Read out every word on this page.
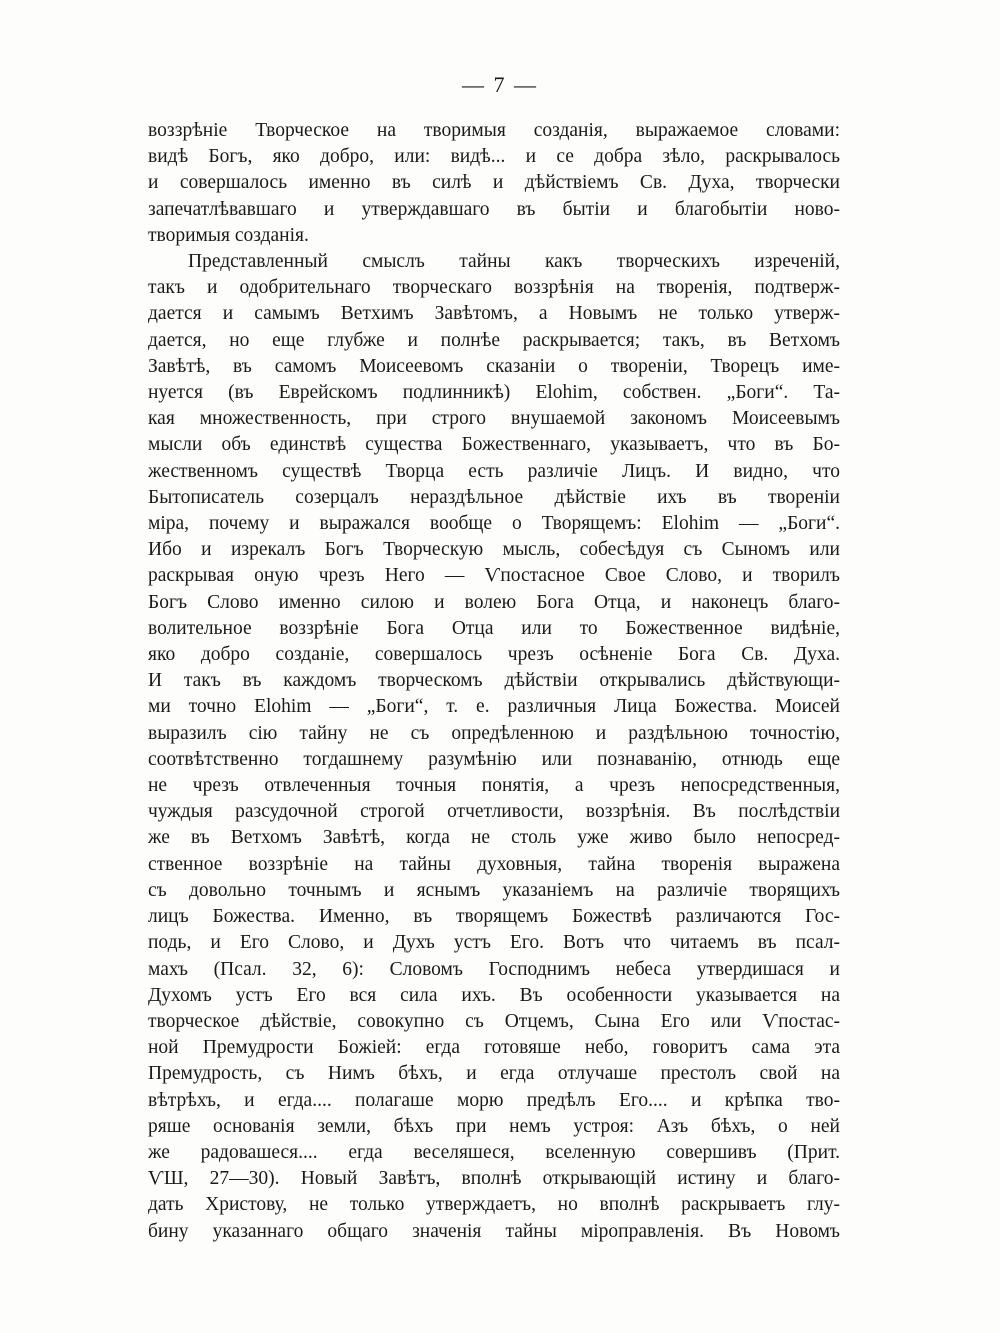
— 7 —
воззрѣніе Творческое на творимыя созданія, выражаемое словами:
видѣ Богъ, яко добро, или: видѣ... и се добра зѣло, раскрывалось
и совершалось именно въ силѣ и дѣйствіемъ Св. Духа, творчески
запечатлѣвавшаго и утверждавшаго въ бытіи и благобытіи ново-
творимыя созданія.
Представленный смыслъ тайны какъ творческихъ изреченій,
такъ и одобрительнаго творческаго воззрѣнія на творенія, подтверж-
дается и самымъ Ветхимъ Завѣтомъ, а Новымъ не только утверж-
дается, но еще глубже и полнѣе раскрывается; такъ, въ Ветхомъ
Завѣтѣ, въ самомъ Моисеевомъ сказаніи о твореніи, Творецъ име-
нуется (въ Еврейскомъ подлинникѣ) Elohim, собствен. „Боги“. Та-
кая множественность, при строго внушаемой закономъ Моисеевымъ
мысли объ единствѣ существа Божественнаго, указываетъ, что въ Бо-
жественномъ существѣ Творца есть различіе Лицъ. И видно, что
Бытописатель созерцалъ нераздѣльное дѣйствіе ихъ въ твореніи
міра, почему и выражался вообще о Творящемъ: Elohim — „Боги“.
Ибо и изрекалъ Богъ Творческую мысль, собесѣдуя съ Сыномъ или
раскрывая оную чрезъ Него — Ѵпостасное Свое Слово, и творилъ
Богъ Слово именно силою и волею Бога Отца, и наконецъ благо-
волительное воззрѣніе Бога Отца или то Божественное видѣніе,
яко добро созданіе, совершалось чрезъ осѣненіе Бога Св. Духа.
И такъ въ каждомъ творческомъ дѣйствіи открывались дѣйствующи-
ми точно Elohim — „Боги“, т. е. различныя Лица Божества. Моисей
выразилъ сію тайну не съ опредѣленною и раздѣльною точностію,
соотвѣтственно тогдашнему разумѣнію или познаванію, отнюдь еще
не чрезъ отвлеченныя точныя понятія, а чрезъ непосредственныя,
чуждыя разсудочной строгой отчетливости, воззрѣнія. Въ послѣдствіи
же въ Ветхомъ Завѣтѣ, когда не столь уже живо было непосред-
ственное воззрѣніе на тайны духовныя, тайна творенія выражена
съ довольно точнымъ и яснымъ указаніемъ на различіе творящихъ
лицъ Божества. Именно, въ творящемъ Божествѣ различаются Гос-
подь, и Его Слово, и Духъ устъ Его. Вотъ что читаемъ въ псал-
махъ (Псал. 32, 6): Словомъ Господнимъ небеса утвердишася и
Духомъ устъ Его вся сила ихъ. Въ особенности указывается на
творческое дѣйствіе, совокупно съ Отцемъ, Сына Его или Ѵпостас-
ной Премудрости Божіей: егда готовяше небо, говоритъ сама эта
Премудрость, съ Нимъ бѣхъ, и егда отлучаше престолъ свой на
вѣтрѣхъ, и егда.... полагаше морю предѣлъ Его.... и крѣпка тво-
ряше основанія земли, бѣхъ при немъ устроя: Азъ бѣхъ, о ней
же радовашеся.... егда веселяшеся, вселенную совершивъ (Прит.
ѴШ, 27—30). Новый Завѣтъ, вполнѣ открывающій истину и благо-
дать Христову, не только утверждаетъ, но вполнѣ раскрываетъ глу-
бину указаннаго общаго значенія тайны міроправленія. Въ Новомъ
